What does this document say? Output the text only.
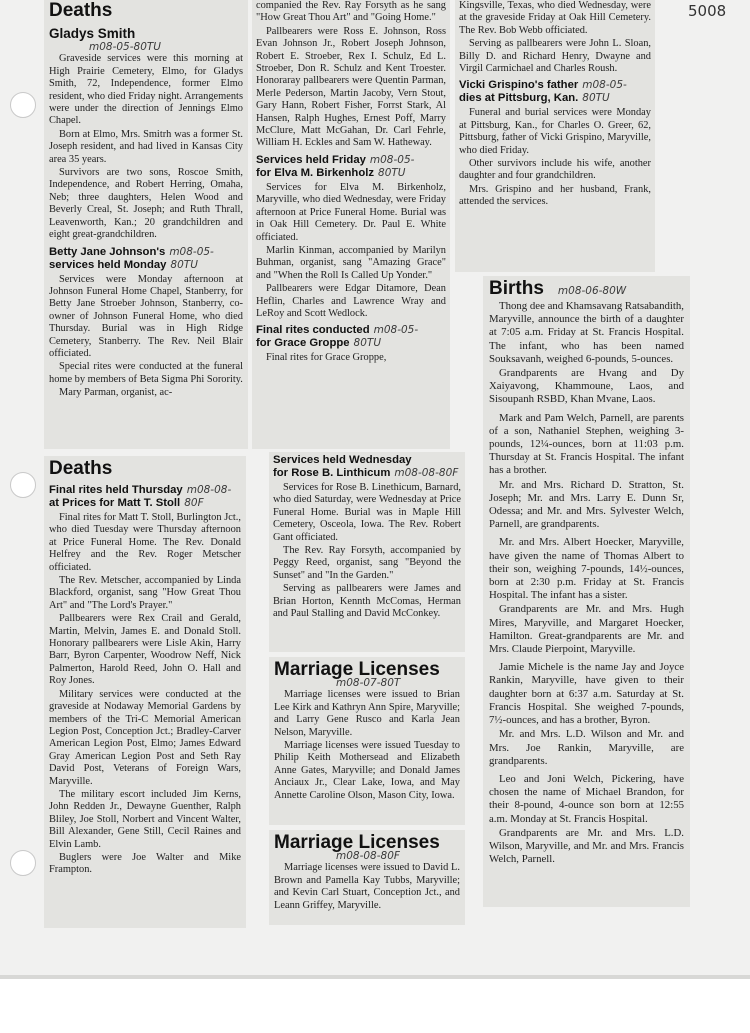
5008
Deaths
Gladys Smith
m08-05-80TU

Graveside services were this morning at High Prairie Cemetery, Elmo, for Gladys Smith, 72, Independence, former Elmo resident, who died Friday night. Arrangements were under the direction of Jennings Elmo Chapel.

Born at Elmo, Mrs. Smitrh was a former St. Joseph resident, and had lived in Kansas City area 35 years.

Survivors are two sons, Roscoe Smith, Independence, and Robert Herring, Omaha, Neb; three daughters, Helen Wood and Beverly Creal, St. Joseph; and Ruth Thrall, Leavenworth, Kan.; 20 grandchildren and eight great-grandchildren.

Betty Jane Johnson's m08-05-
services held Monday 80TU

Services were Monday afternoon at Johnson Funeral Home Chapel, Stanberry, for Betty Jane Stroeber Johnson, Stanberry, co-owner of Johnson Funeral Home, who died Thursday. Burial was in High Ridge Cemetery, Stanberry. The Rev. Neil Blair officiated.

Special rites were conducted at the funeral home by members of Beta Sigma Phi Sorority.

Mary Parman, organist, ac-

companied the Rev. Ray Forsyth as he sang "How Great Thou Art" and "Going Home."

Pallbearers were Ross E. Johnson, Ross Evan Johnson Jr., Robert Joseph Johnson, Robert E. Stroeber, Rex I. Schulz, Ed L. Stroeber, Don R. Schulz and Kent Troester. Honoraray pallbearers were Quentin Parman, Merle Pederson, Martin Jacoby, Vern Stout, Gary Hann, Robert Fisher, Forrst Stark, Al Hansen, Ralph Hughes, Ernest Poff, Marry McClure, Matt McGahan, Dr. Carl Fehrle, William H. Eckles and Sam W. Hatheway.

Services held Friday m08-05-
for Elva M. Birkenholz 80TU

Services for Elva M. Birkenholz, Maryville, who died Wednesday, were Friday afternoon at Price Funeral Home. Burial was in Oak Hill Cemetery. Dr. Paul E. White officiated.

Marlin Kinman, accompanied by Marilyn Buhman, organist, sang "Amazing Grace" and "When the Roll Is Called Up Yonder."

Pallbearers were Edgar Ditamore, Dean Heflin, Charles and Lawrence Wray and LeRoy and Scott Wedlock.

Final rites conducted m08-05-
for Grace Groppe 80TU

Final rites for Grace Groppe,

Kingsville, Texas, who died Wednesday, were at the graveside Friday at Oak Hill Cemetery. The Rev. Bob Webb officiated.

Serving as pallbearers were John L. Sloan, Billy D. and Richard Henry, Dwayne and Virgil Carmichael and Charles Roush.

Vicki Grispino's father m08-05-
dies at Pittsburg, Kan. 80TU

Funeral and burial services were Monday at Pittsburg, Kan., for Charles O. Greer, 62, Pittsburg, father of Vicki Grispino, Maryville, who died Friday.

Other survivors include his wife, another daughter and four grandchildren.

Mrs. Grispino and her husband, Frank, attended the services.

Deaths
Final rites held Thursday m08-08-
at Prices for Matt T. Stoll 80F

Final rites for Matt T. Stoll, Burlington Jct., who died Tuesday were Thursday afternoon at Price Funeral Home. The Rev. Donald Helfrey and the Rev. Roger Metscher officiated.

The Rev. Metscher, accompanied by Linda Blackford, organist, sang "How Great Thou Art" and "The Lord's Prayer."

Pallbearers were Rex Crail and Gerald, Martin, Melvin, James E. and Donald Stoll. Honorary pallbearers were Lisle Akin, Harry Barr, Byron Carpenter, Woodrow Neff, Nick Palmerton, Harold Reed, John O. Hall and Roy Jones.

Military services were conducted at the graveside at Nodaway Memorial Gardens by members of the Tri-C Memorial American Legion Post, Conception Jct.; Bradley-Carver American Legion Post, Elmo; James Edward Gray American Legion Post and Seth Ray David Post, Veterans of Foreign Wars, Maryville.

The military escort included Jim Kerns, John Redden Jr., Dewayne Guenther, Ralph Bliley, Joe Stoll, Norbert and Vincent Walter, Bill Alexander, Gene Still, Cecil Raines and Elvin Lamb.

Buglers were Joe Walter and Mike Frampton.

Services held Wednesday
for Rose B. Linthicum m08-08-80F

Services for Rose B. Linethicum, Barnard, who died Saturday, were Wednesday at Price Funeral Home. Burial was in Maple Hill Cemetery, Osceola, Iowa. The Rev. Robert Gant officiated.

The Rev. Ray Forsyth, accompanied by Peggy Reed, organist, sang "Beyond the Sunset" and "In the Garden."

Serving as pallbearers were James and Brian Horton, Kennth McComas, Herman and Paul Stalling and David McConkey.

Marriage Licenses
m08-07-80T

Marriage licenses were issued to Brian Lee Kirk and Kathryn Ann Spire, Maryville; and Larry Gene Rusco and Karla Jean Nelson, Maryville.

Marriage licenses were issued Tuesday to Philip Keith Mothersead and Elizabeth Anne Gates, Maryville; and Donald James Anciaux Jr., Clear Lake, Iowa, and May Annette Caroline Olson, Mason City, Iowa.

Marriage Licenses
m08-08-80F

Marriage licenses were issued to David L. Brown and Pamella Kay Tubbs, Maryville; and Kevin Carl Stuart, Conception Jct., and Leann Griffey, Maryville.

Births m08-06-80W

Thong dee and Khamsavang Ratsabandith, Maryville, announce the birth of a daughter at 7:05 a.m. Friday at St. Francis Hospital. The infant, who has been named Souksavanh, weighed 6-pounds, 5-ounces.

Grandparents are Hvang and Dy Xaiyavong, Khammoune, Laos, and Sisoupanh RSBD, Khan Mvane, Laos.

Mark and Pam Welch, Parnell, are parents of a son, Nathaniel Stephen, weighing 3-pounds, 12¼-ounces, born at 11:03 p.m. Thursday at St. Francis Hospital. The infant has a brother.

Mr. and Mrs. Richard D. Stratton, St. Joseph; Mr. and Mrs. Larry E. Dunn Sr, Odessa; and Mr. and Mrs. Sylvester Welch, Parnell, are grandparents.

Mr. and Mrs. Albert Hoecker, Maryville, have given the name of Thomas Albert to their son, weighing 7-pounds, 14½-ounces, born at 2:30 p.m. Friday at St. Francis Hospital. The infant has a sister.

Grandparents are Mr. and Mrs. Hugh Mires, Maryville, and Margaret Hoecker, Hamilton. Great-grandparents are Mr. and Mrs. Claude Pierpoint, Maryville.

Jamie Michele is the name Jay and Joyce Rankin, Maryville, have given to their daughter born at 6:37 a.m. Saturday at St. Francis Hospital. She weighed 7-pounds, 7½-ounces, and has a brother, Byron.

Mr. and Mrs. L.D. Wilson and Mr. and Mrs. Joe Rankin, Maryville, are grandparents.

Leo and Joni Welch, Pickering, have chosen the name of Michael Brandon, for their 8-pound, 4-ounce son born at 12:55 a.m. Monday at St. Francis Hospital.

Grandparents are Mr. and Mrs. L.D. Wilson, Maryville, and Mr. and Mrs. Francis Welch, Parnell.
